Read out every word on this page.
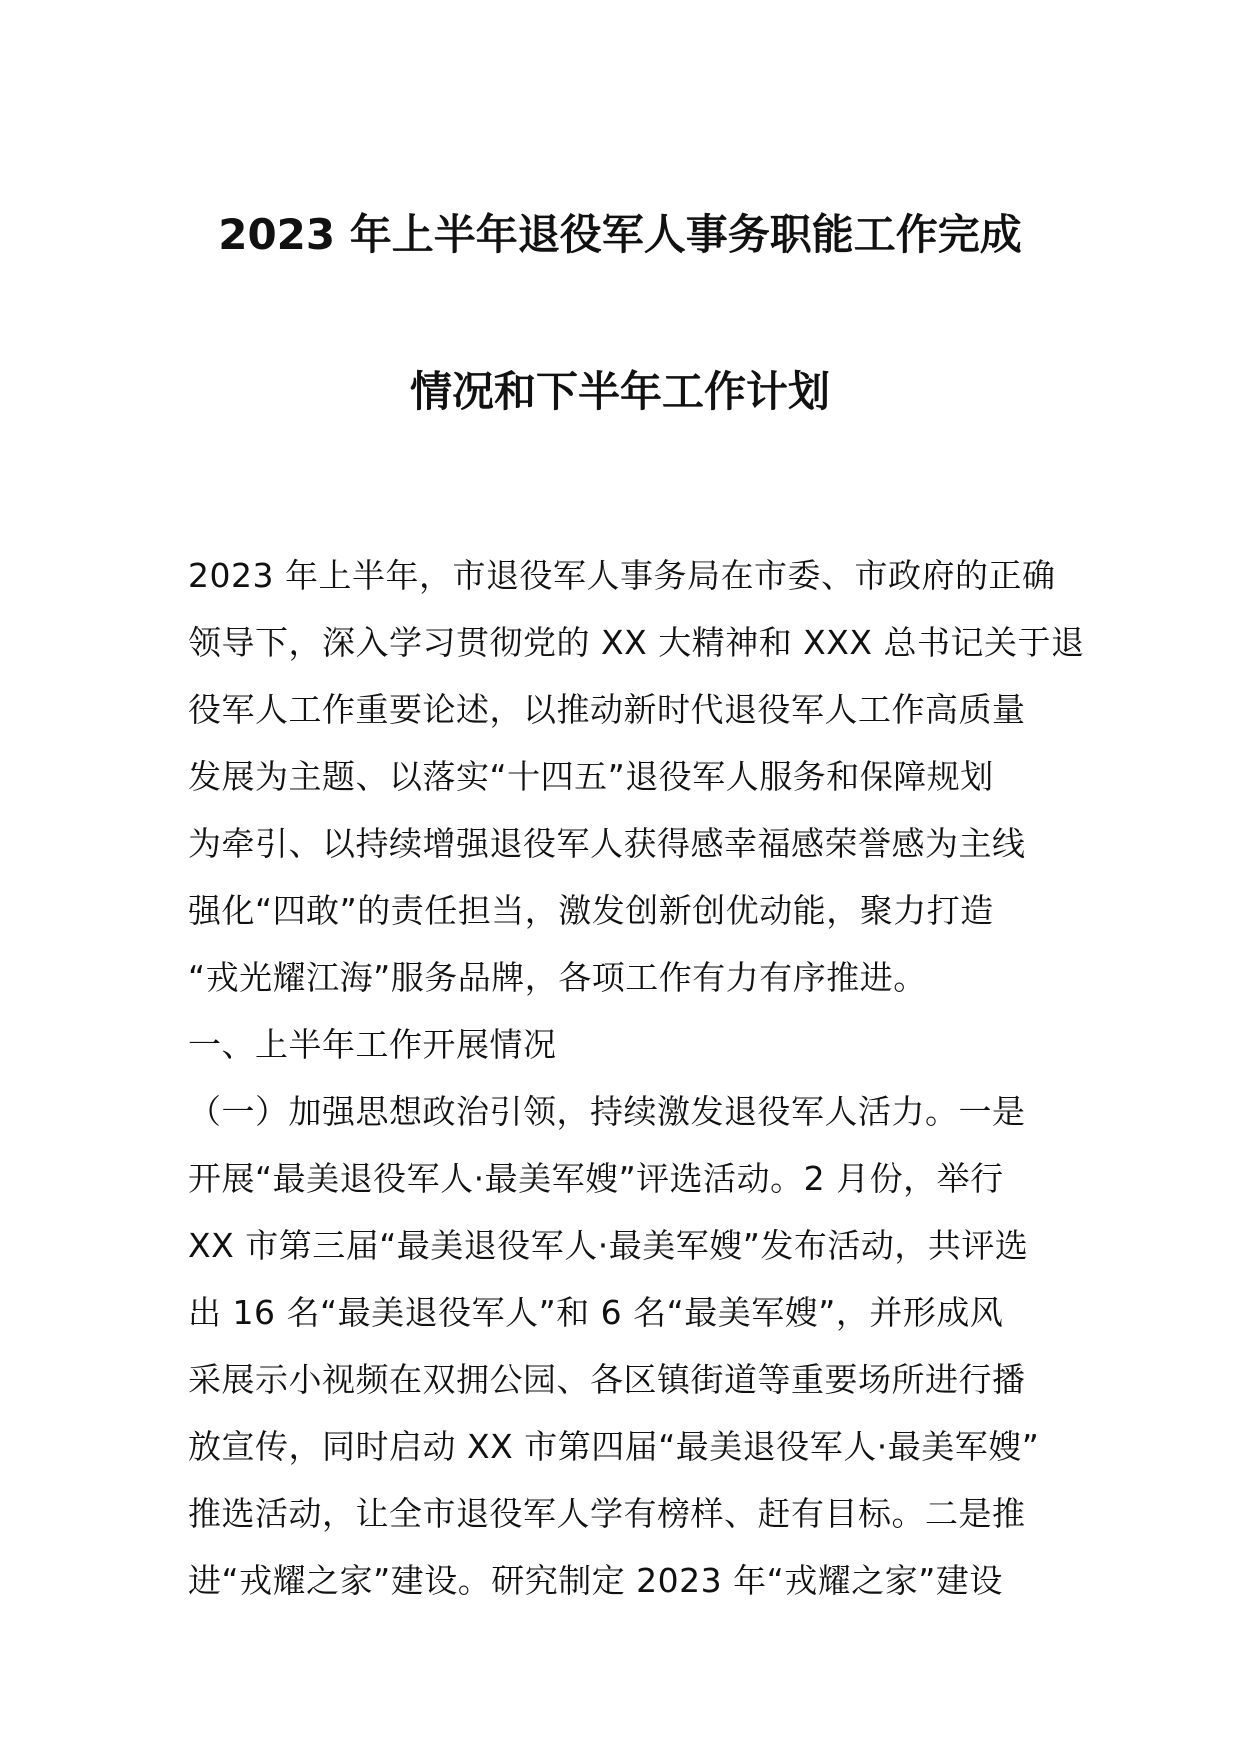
2023 年上半年退役军人事务职能工作完成
情况和下半年工作计划
2023 年上半年，市退役军人事务局在市委、市政府的正确
领导下，深入学习贯彻党的 XX 大精神和 XXX 总书记关于退
役军人工作重要论述，以推动新时代退役军人工作高质量
发展为主题、以落实“十四五”退役军人服务和保障规划
为牵引、以持续增强退役军人获得感幸福感荣誉感为主线
强化“四敢”的责任担当，激发创新创优动能，聚力打造
“戎光耀江海”服务品牌，各项工作有力有序推进。
一、上半年工作开展情况
（一）加强思想政治引领，持续激发退役军人活力。一是
开展“最美退役军人·最美军嫂”评选活动。2 月份，举行
XX 市第三届“最美退役军人·最美军嫂”发布活动，共评选
出 16 名“最美退役军人”和 6 名“最美军嫂”，并形成风
采展示小视频在双拥公园、各区镇街道等重要场所进行播
放宣传，同时启动 XX 市第四届“最美退役军人·最美军嫂”
推选活动，让全市退役军人学有榜样、赶有目标。二是推
进“戎耀之家”建设。研究制定 2023 年“戎耀之家”建设
